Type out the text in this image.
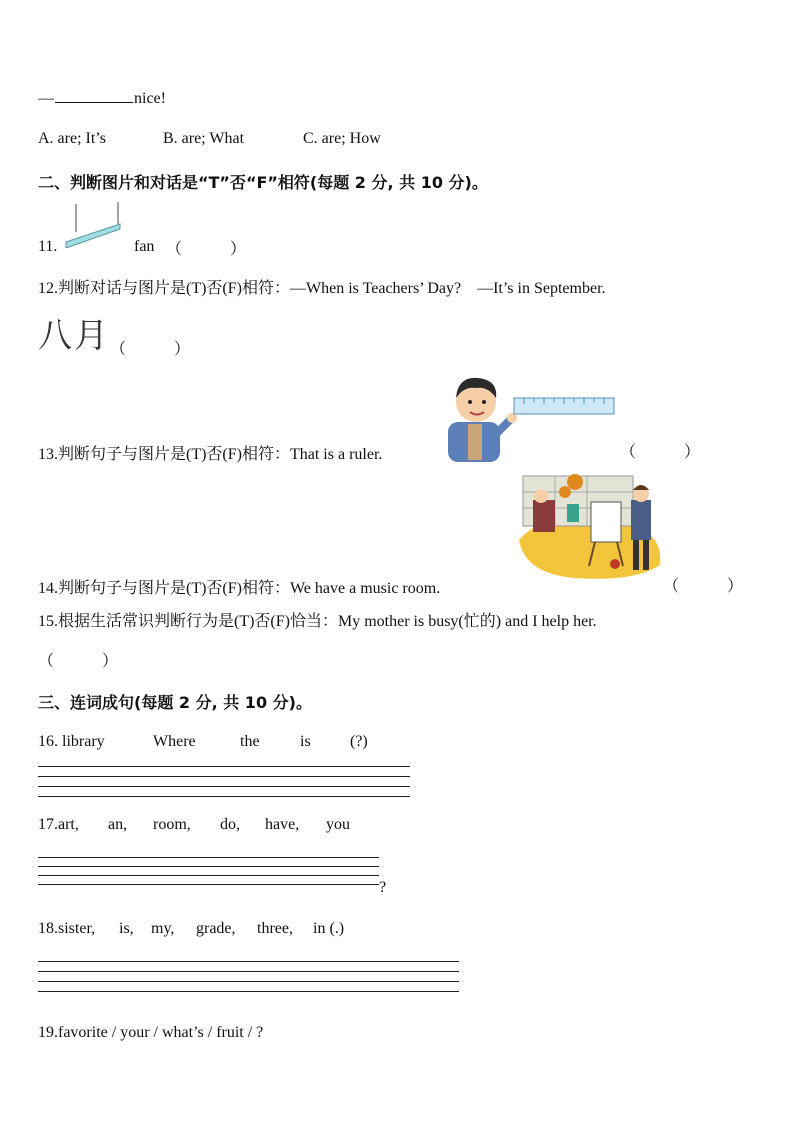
—	nice!
A. are; It’s	B. are; What	C. are; How
二、判断图片和对话是“T”否“F”相符(每题 2 分, 共 10 分)。
11.	fan （　　　）
12.判断对话与图片是(T)否(F)相符：—When is Teachers’ Day?　—It’s in September.
八月 （　　　）
13.判断句子与图片是(T)否(F)相符：That is a ruler.	（　　　）
14.判断句子与图片是(T)否(F)相符：We have a music room.	（　　　）
15.根据生活常识判断行为是(T)否(F)恰当：My mother is busy(忙的) and I help her.
（　　　）
三、连词成句(每题 2 分, 共 10 分)。
16. library	Where	the	is (?)
17.art, an, room, do, have, you
?
18.sister, is, my, grade, three, in (.)
19.favorite / your / what’s / fruit / ?
